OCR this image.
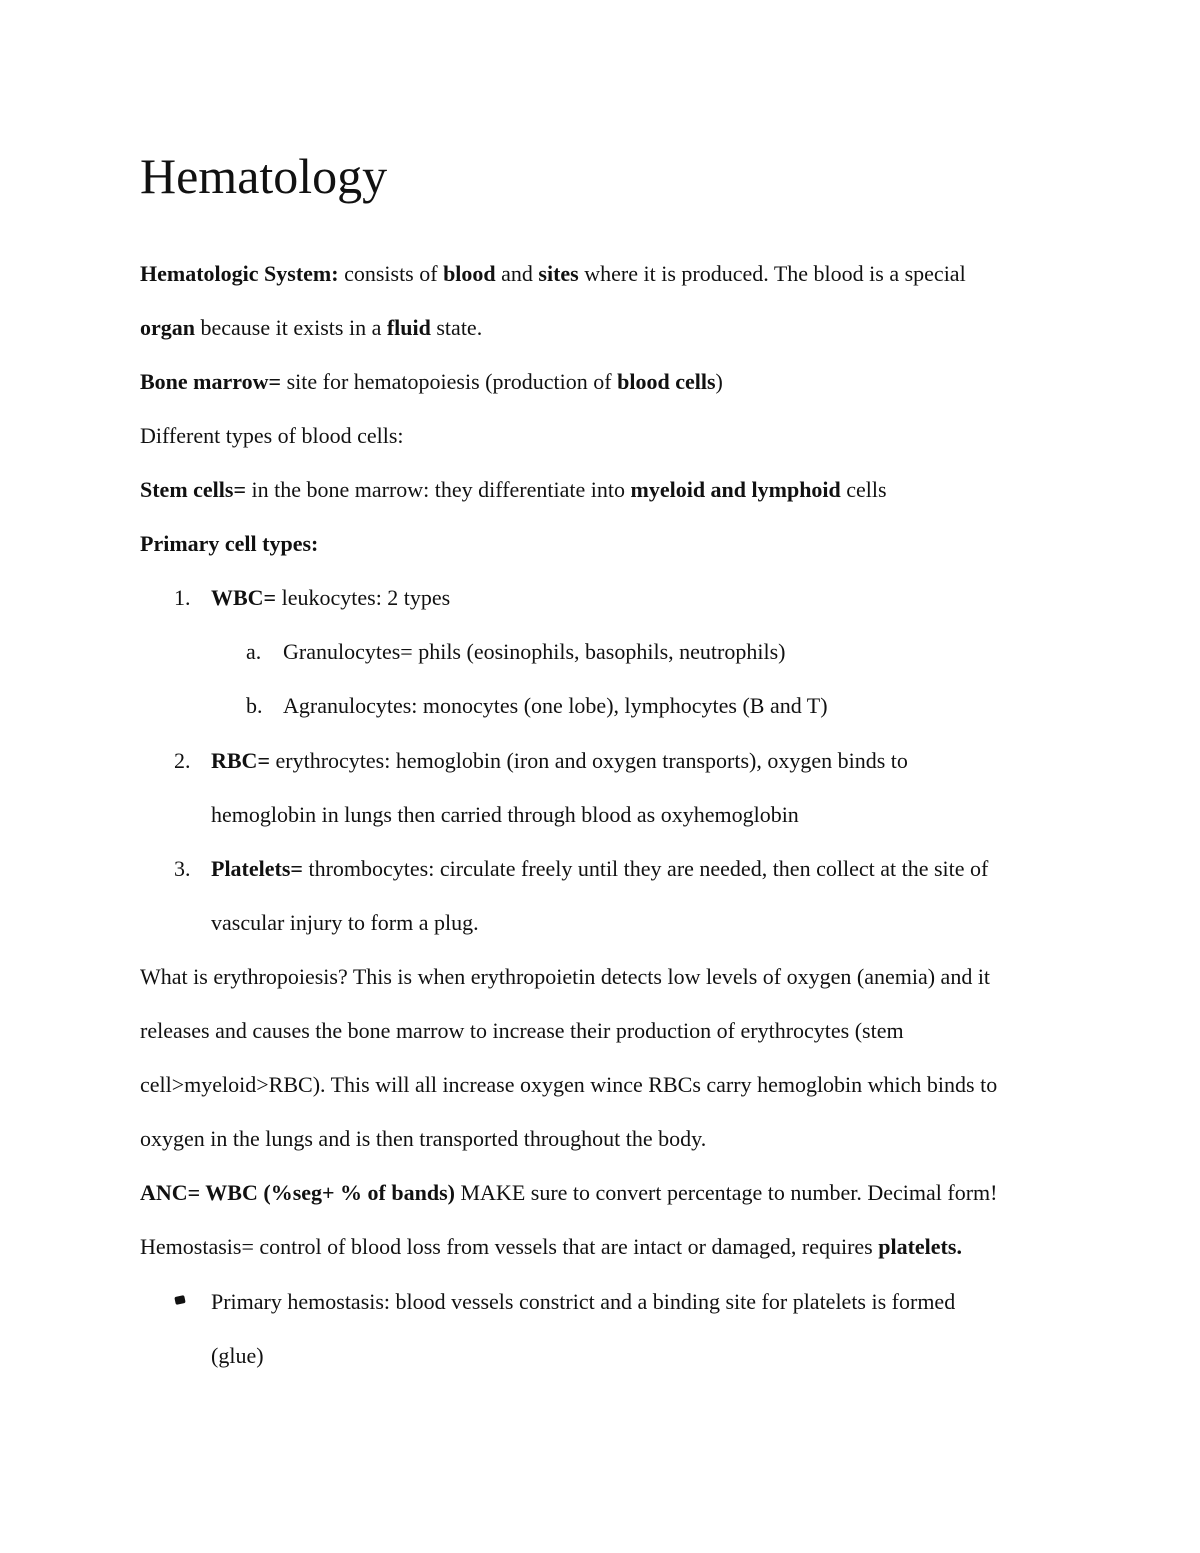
Hematology
Hematologic System: consists of blood and sites where it is produced. The blood is a special
organ because it exists in a fluid state.
Bone marrow= site for hematopoiesis (production of blood cells)
Different types of blood cells:
Stem cells= in the bone marrow: they differentiate into myeloid and lymphoid cells
Primary cell types:
1. WBC= leukocytes: 2 types
a. Granulocytes= phils (eosinophils, basophils, neutrophils)
b. Agranulocytes: monocytes (one lobe), lymphocytes (B and T)
2. RBC= erythrocytes: hemoglobin (iron and oxygen transports), oxygen binds to
hemoglobin in lungs then carried through blood as oxyhemoglobin
3. Platelets= thrombocytes: circulate freely until they are needed, then collect at the site of
vascular injury to form a plug.
What is erythropoiesis? This is when erythropoietin detects low levels of oxygen (anemia) and it
releases and causes the bone marrow to increase their production of erythrocytes (stem
cell>myeloid>RBC). This will all increase oxygen wince RBCs carry hemoglobin which binds to
oxygen in the lungs and is then transported throughout the body.
ANC= WBC (%seg+ % of bands) MAKE sure to convert percentage to number. Decimal form!
Hemostasis= control of blood loss from vessels that are intact or damaged, requires platelets.
Primary hemostasis: blood vessels constrict and a binding site for platelets is formed
(glue)
